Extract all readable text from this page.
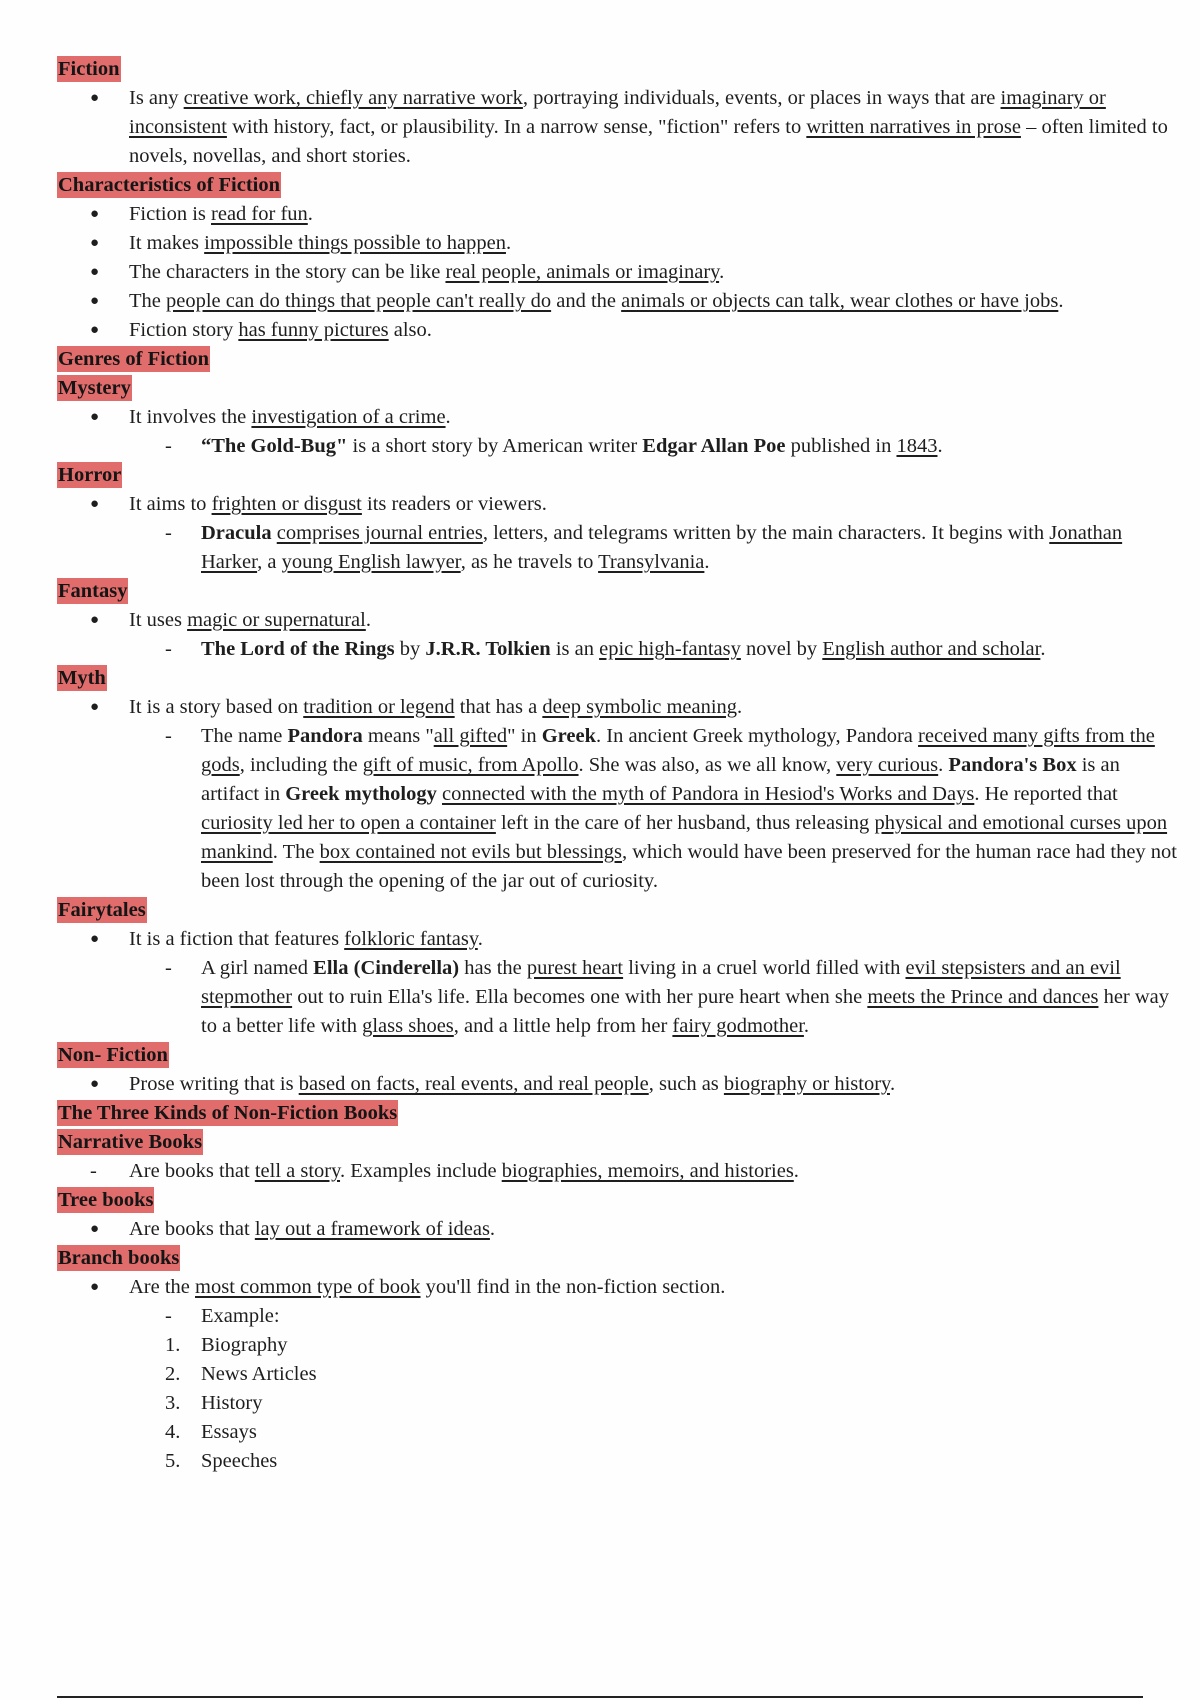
Fiction
● Is any creative work, chiefly any narrative work, portraying individuals, events, or places in ways that are imaginary or inconsistent with history, fact, or plausibility. In a narrow sense, "fiction" refers to written narratives in prose – often limited to novels, novellas, and short stories.
Characteristics of Fiction
● Fiction is read for fun.
● It makes impossible things possible to happen.
● The characters in the story can be like real people, animals or imaginary.
● The people can do things that people can't really do and the animals or objects can talk, wear clothes or have jobs.
● Fiction story has funny pictures also.
Genres of Fiction
Mystery
● It involves the investigation of a crime.
- “The Gold-Bug" is a short story by American writer Edgar Allan Poe published in 1843.
Horror
● It aims to frighten or disgust its readers or viewers.
- Dracula comprises journal entries, letters, and telegrams written by the main characters. It begins with Jonathan Harker, a young English lawyer, as he travels to Transylvania.
Fantasy
● It uses magic or supernatural.
- The Lord of the Rings by J.R.R. Tolkien is an epic high-fantasy novel by English author and scholar.
Myth
● It is a story based on tradition or legend that has a deep symbolic meaning.
- The name Pandora means "all gifted" in Greek. In ancient Greek mythology, Pandora received many gifts from the gods, including the gift of music, from Apollo. She was also, as we all know, very curious. Pandora's Box is an artifact in Greek mythology connected with the myth of Pandora in Hesiod's Works and Days. He reported that curiosity led her to open a container left in the care of her husband, thus releasing physical and emotional curses upon mankind. The box contained not evils but blessings, which would have been preserved for the human race had they not been lost through the opening of the jar out of curiosity.
Fairytales
● It is a fiction that features folkloric fantasy.
- A girl named Ella (Cinderella) has the purest heart living in a cruel world filled with evil stepsisters and an evil stepmother out to ruin Ella's life. Ella becomes one with her pure heart when she meets the Prince and dances her way to a better life with glass shoes, and a little help from her fairy godmother.
Non- Fiction
● Prose writing that is based on facts, real events, and real people, such as biography or history.
The Three Kinds of Non-Fiction Books
Narrative Books
- Are books that tell a story. Examples include biographies, memoirs, and histories.
Tree books
● Are books that lay out a framework of ideas.
Branch books
● Are the most common type of book you'll find in the non-fiction section.
- Example:
1. Biography
2. News Articles
3. History
4. Essays
5. Speeches
